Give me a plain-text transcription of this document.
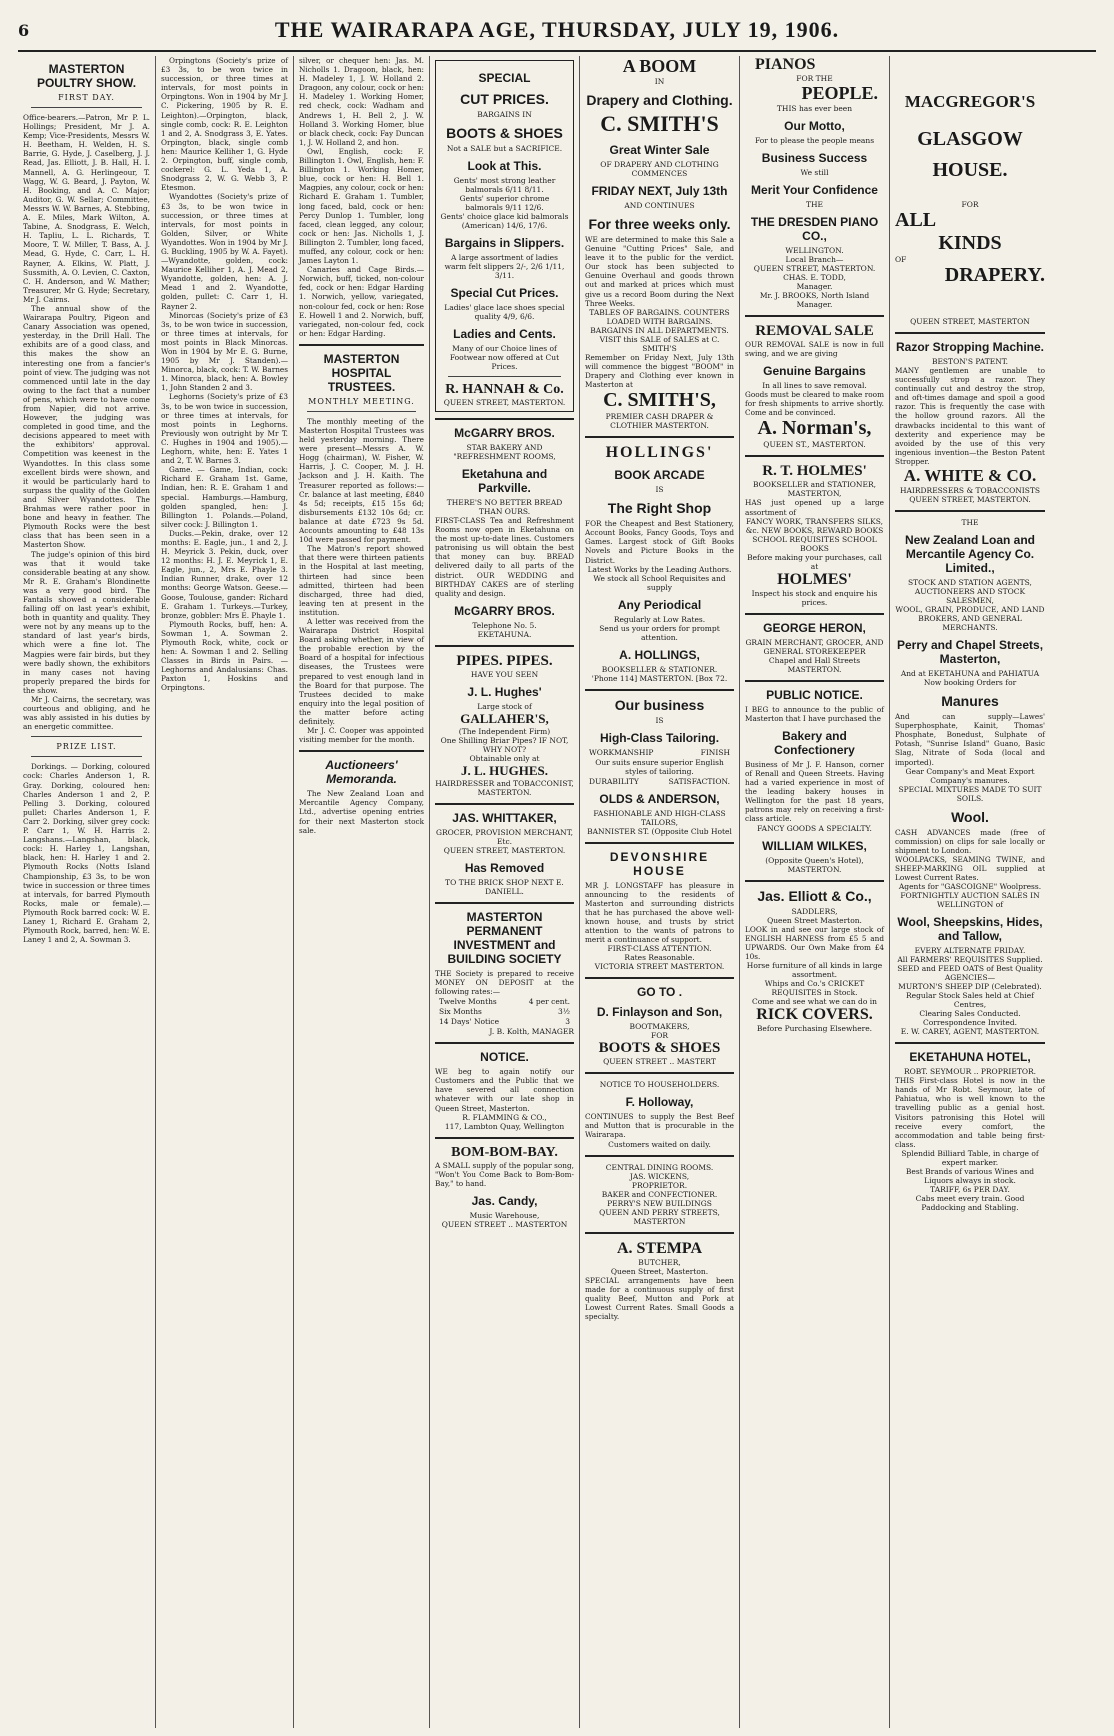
6	THE WAIRARAPA AGE, THURSDAY, JULY 19, 1906.
MASTERTON POULTRY SHOW.
FIRST DAY.

Office-bearers.—Patron, Mr P. L. Hollings; President, Mr J. A. Kemp; Vice-Presidents, Messrs W. H. Beetham, H. Welden, H. S. Barrie, G. Hyde, J. Caselberg, J. J. Read, Jas. Elliott, J. B. Hall, H. I. Mannell, A. G. Herlingeour, T. Wagg, W. G. Beard, J. Payton, W. H. Booking, and A. C. Major; Auditor, G. W. Sellar; Committee, Messrs W. W. Barnes, A. Stebbing, A. E. Miles, Mark Wilton, A. Tabine, A. Snodgrass, E. Welch, H. Tapliu, L. L. Richards, T. Moore, T. W. Miller, T. Bass, A. J. Mead, G. Hyde, C. Carr, L. H. Rayner, A. Elkins, W. Platt, J. Sussmith, A. O. Levien, C. Caxton, C. H. Anderson, and W. Mather; Treasurer, Mr G. Hyde; Secretary, Mr J. Cairns.

The annual show of the Wairarapa Poultry, Pigeon and Canary Association was opened, yesterday, in the Drill Hall. The exhibits are of a good class, and this makes the show an interesting one from a fancier's point of view. The judging was not commenced until late in the day owing to the fact that a number of pens, which were to have come from Napier, did not arrive. However, the judging was completed in good time, and the decisions appeared to meet with the exhibitors' approval. Competition was keenest in the Wyandottes. In this class some excellent birds were shown, and it would be particularly hard to surpass the quality of the Golden and Silver Wyandottes. The Brahmas were rather poor in bone and heavy in feather. The Plymouth Rocks were the best class that has been seen in a Masterton Show.

The judge's opinion of this bird was that it would take considerable beating at any show. Mr R. E. Graham's Blondinette was a very good bird. The Fantails showed a considerable falling off on last year's exhibit, both in quantity and quality. They were not by any means up to the standard of last year's birds, which were a fine lot. The Magpies were fair birds, but they were badly shown, the exhibitors in many cases not having properly prepared the birds for the show.

Mr J. Cairns, the secretary, was courteous and obliging, and he was ably assisted in his duties by an energetic committee.

PRIZE LIST.

Dorkings. — Dorking, coloured cock: Charles Anderson 1, R. Gray. Dorking, coloured hen: Charles Anderson 1 and 2, P. Pelling 3. Dorking, coloured pullet: Charles Anderson 1, F. Carr 2. Dorking, silver grey cock: P. Carr 1, W. H. Harris 2. Langshans.—Langshan, black, cock: H. Harley 1, Langshan, black, hen: H. Harley 1 and 2. Plymouth Rocks (Notts Island Championship, £3 3s, to be won twice in succession or three times at intervals, for barred Plymouth Rocks, male or female).—Plymouth Rock barred cock: W. E. Laney 1, Richard E. Graham 2, Plymouth Rock, barred, hen: W. E. Laney 1 and 2, A. Sowman 3.

Orpingtons (Society's prize of £3 3s, to be won twice in succession, or three times at intervals, for most points in Orpingtons. Won in 1904 by Mr J. C. Pickering, 1905 by R. E. Leighton).—Orpington, black, single comb, cock: R. E. Leighton 1 and 2, A. Snodgrass 3, E. Yates. Orpington, black, single comb hen: Maurice Kelliher 1, G. Hyde 2. Orpington, buff, single comb, cockerel: G. L. Yeda 1, A. Snodgrass 2, W. G. Webb 3, P. Etesmon.

Wyandottes (Society's prize of £3 3s, to be won twice in succession, or three times at intervals, for most points in Golden, Silver, or White Wyandottes. Won in 1904 by Mr J. G. Buckling, 1905 by W. A. Fayet).—Wyandotte, golden, cock: Maurice Kelliher 1, A. J. Mead 2, Wyandotte, golden, hen: A. J. Mead 1 and 2. Wyandotte, golden, pullet: C. Carr 1, H. Rayner 2.

Minorcas (Society's prize of £3 3s, to be won twice in succession, or three times at intervals, for most points in Black Minorcas. Won in 1904 by Mr E. G. Burne, 1905 by Mr J. Standen).—Minorca, black, cock: T. W. Barnes 1. Minorca, black, hen: A. Bowley 1, John Standen 2 and 3.

Leghorns (Society's prize of £3 3s, to be won twice in succession, or three times at intervals, for most points in Leghorns. Previously won outright by Mr T. C. Hughes in 1904 and 1905).—Leghorn, white, hen: E. Yates 1 and 2, T. W. Barnes 3.

Game. — Game, Indian, cock: Richard E. Graham 1st. Game, Indian, hen: R. E. Graham 1 and special. Hamburgs.—Hamburg, golden spangled, hen: J. Billington 1. Polands.—Poland, silver cock: J. Billington 1.

Ducks.—Pekin, drake, over 12 months: E. Eagle, jun., 1 and 2, J. H. Meyrick 3. Pekin, duck, over 12 months: H. J. E. Meyrick 1, E. Eagle, jun., 2, Mrs E. Phayle 3. Indian Runner, drake, over 12 months: George Watson. Geese.—Goose, Toulouse, gander: Richard E. Graham 1. Turkeys.—Turkey, bronze, gobbler: Mrs E. Phayle 1.

Plymouth Rocks, buff, hen: A. Sowman 1, A. Sowman 2. Plymouth Rock, white, cock or hen: A. Sowman 1 and 2. Selling Classes in Birds in Pairs. —Leghorns and Andalusians: Chas. Paxton 1, Hoskins and Orpingtons.

silver, or chequer hen: Jas. M. Nicholls 1. Dragoon, black, hen: H. Madeley 1, J. W. Holland 2. Dragoon, any colour, cock or hen: H. Madeley 1. Working Homer, red check, cock: Wadham and Andrews 1, H. Bell 2, J. W. Holland 3. Working Homer, blue or black check, cock: Fay Duncan 1, J. W. Holland 2, and hon.

Owl, English, cock: F. Billington 1. Owl, English, hen: F. Billington 1. Working Homer, blue, cock or hen: H. Bell 1. Magpies, any colour, cock or hen: Richard E. Graham 1. Tumbler, long faced, bald, cock or hen: Percy Dunlop 1. Tumbler, long faced, clean legged, any colour, cock or hen: Jas. Nicholls 1, J. Billington 2. Tumbler, long faced, muffed, any colour, cock or hen: James Layton 1.

Canaries and Cage Birds.—Norwich, buff, ticked, non-colour fed, cock or hen: Edgar Harding 1. Norwich, yellow, variegated, non-colour fed, cock or hen: Rose E. Howell 1 and 2. Norwich, buff, variegated, non-colour fed, cock or hen: Edgar Harding.

MASTERTON HOSPITAL TRUSTEES.
MONTHLY MEETING.

The monthly meeting of the Masterton Hospital Trustees was held yesterday morning. There were present—Messrs A. W. Hogg (chairman), W. Fisher, W. Harris, J. C. Cooper, M. J. H. Jackson and J. H. Kaith. The Treasurer reported as follows:—Cr. balance at last meeting, £840 4s 5d; receipts, £15 15s 6d; disbursements £132 10s 6d; cr. balance at date £723 9s 5d. Accounts amounting to £48 13s 10d were passed for payment.

The Matron's report showed that there were thirteen patients in the Hospital at last meeting, thirteen had since been admitted, thirteen had been discharged, three had died, leaving ten at present in the institution.

A letter was received from the Wairarapa District Hospital Board asking whether, in view of the probable erection by the Board of a hospital for infectious diseases, the Trustees were prepared to vest enough land in the Board for that purpose. The Trustees decided to make enquiry into the legal position of the matter before acting definitely.

Mr J. C. Cooper was appointed visiting member for the month.

Auctioneers' Memoranda.

The New Zealand Loan and Mercantile Agency Company, Ltd., advertise opening entries for their next Masterton stock sale.

SPECIAL
CUT PRICES.
BARGAINS IN
BOOTS & SHOES
Not a SALE but a SACRIFICE.
Look at This.
Gents' most strong leather balmorals 6/11 8/11.
Gents' superior chrome balmorals 9/11 12/6.
Gents' choice glace kid balmorals (American) 14/6, 17/6.
Bargains in Slippers.
A large assortment of ladies warm felt slippers 2/-, 2/6 1/11, 3/11.
Special Cut Prices.
Ladies' glace lace shoes special quality 4/9, 6/6.
Ladies and Cents.
Many of our Choice lines of Footwear now offered at Cut Prices.
R. HANNAH & Co.
QUEEN STREET, MASTERTON.
McGARRY BROS.
STAR BAKERY AND "REFRESHMENT ROOMS,
Eketahuna and Parkville.
THERE'S NO BETTER BREAD THAN OURS.

FIRST-CLASS Tea and Refreshment Rooms now open in Eketahuna on the most up-to-date lines. Customers patronising us will obtain the best that money can buy. BREAD delivered daily to all parts of the district. OUR WEDDING and BIRTHDAY CAKES are of sterling quality and design.

McGARRY BROS.
Telephone No. 5.
EKETAHUNA.
PIPES. PIPES.
HAVE YOU SEEN
J. L. Hughes'
Large stock of
GALLAHER'S,
(The Independent Firm)
One Shilling Briar Pipes? IF NOT, WHY NOT?
Obtainable only at
J. L. HUGHES.
HAIRDRESSER and TOBACCONIST, MASTERTON.
JAS. WHITTAKER,
GROCER, PROVISION MERCHANT, Etc.
QUEEN STREET, MASTERTON.
Has Removed
TO THE BRICK SHOP NEXT E. DANIELL.
MASTERTON PERMANENT INVESTMENT and BUILDING SOCIETY

THE Society is prepared to receive MONEY ON DEPOSIT at the following rates:—

Twelve Months	4 per cent.
Six Months	3½
14 Days' Notice	3
J. B. Kolth, MANAGER
NOTICE.

WE beg to again notify our Customers and the Public that we have severed all connection whatever with our late shop in Queen Street, Masterton.

R. FLAMMING & CO.,
117, Lambton Quay, Wellington
BOM-BOM-BAY.

A SMALL supply of the popular song, "Won't You Come Back to Bom-Bom-Bay," to hand.

Jas. Candy,
Music Warehouse,
QUEEN STREET .. MASTERTON
A BOOM
IN
Drapery and Clothing.
C. SMITH'S
Great Winter Sale
OF DRAPERY AND CLOTHING
COMMENCES
FRIDAY NEXT, July 13th
AND CONTINUES
For three weeks only.

WE are determined to make this Sale a Genuine "Cutting Prices" Sale, and leave it to the public for the verdict. Our stock has been subjected to Genuine Overhaul and goods thrown out and marked at prices which must give us a record Boom during the Next Three Weeks.

TABLES OF BARGAINS. COUNTERS LOADED WITH BARGAINS. BARGAINS IN ALL DEPARTMENTS.
VISIT this SALE of SALES at C. SMITH'S

Remember on Friday Next, July 13th will commence the biggest "BOOM" in Drapery and Clothing ever known in Masterton at

C. SMITH'S,
PREMIER CASH DRAPER & CLOTHIER MASTERTON.
HOLLINGS'
BOOK ARCADE
IS
The Right Shop

FOR the Cheapest and Best Stationery, Account Books, Fancy Goods, Toys and Games. Largest stock of Gift Books Novels and Picture Books in the District.

Latest Works by the Leading Authors.
We stock all School Requisites and supply
Any Periodical
Regularly at Low Rates.
Send us your orders for prompt attention.
A. HOLLINGS,
BOOKSELLER & STATIONER.
'Phone 114] MASTERTON. [Box 72.
Our business
IS
High-Class Tailoring.
WORKMANSHIP	FINISH
Our suits ensure superior English styles of tailoring.
DURABILITY	SATISFACTION.
OLDS & ANDERSON,
FASHIONABLE AND HIGH-CLASS TAILORS,
BANNISTER ST. (Opposite Club Hotel
DEVONSHIRE HOUSE

MR J. LONGSTAFF has pleasure in announcing to the residents of Masterton and surrounding districts that he has purchased the above well-known house, and trusts by strict attention to the wants of patrons to merit a continuance of support.

FIRST-CLASS ATTENTION.
Rates Reasonable.
VICTORIA STREET MASTERTON.
GO TO .
D. Finlayson and Son,
BOOTMAKERS,
FOR
BOOTS & SHOES
QUEEN STREET .. MASTERT
NOTICE TO HOUSEHOLDERS.
F. Holloway,

CONTINUES to supply the Best Beef and Mutton that is procurable in the Wairarapa.

Customers waited on daily.
CENTRAL DINING ROOMS.
JAS. WICKENS,
PROPRIETOR.
BAKER and CONFECTIONER.
PERRY'S NEW BUILDINGS
QUEEN AND PERRY STREETS,
MASTERTON
A. STEMPA
BUTCHER,
Queen Street, Masterton.

SPECIAL arrangements have been made for a continuous supply of first quality Beef, Mutton and Pork at Lowest Current Rates. Small Goods a specialty.

PIANOS
FOR THE
PEOPLE.
THIS has ever been
Our Motto,
For to please the people means
Business Success
We still
Merit Your Confidence
THE
THE DRESDEN PIANO CO.,
WELLINGTON.
Local Branch—
QUEEN STREET, MASTERTON.
CHAS. E. TODD,
Manager.
Mr. J. BROOKS, North Island Manager.
REMOVAL SALE

OUR REMOVAL SALE is now in full swing, and we are giving

Genuine Bargains
In all lines to save removal.

Goods must be cleared to make room for fresh shipments to arrive shortly. Come and be convinced.

A. Norman's,
QUEEN ST., MASTERTON.
R. T. HOLMES'
BOOKSELLER and STATIONER, MASTERTON,

HAS just opened up a large assortment of

FANCY WORK, TRANSFERS SILKS, &c. NEW BOOKS, REWARD BOOKS SCHOOL REQUISITES SCHOOL BOOKS
Before making your purchases, call at
HOLMES'
Inspect his stock and enquire his prices.
GEORGE HERON,
GRAIN MERCHANT, GROCER, AND
GENERAL STOREKEEPER
Chapel and Hall Streets
MASTERTON.
PUBLIC NOTICE.

I BEG to announce to the public of Masterton that I have purchased the

Bakery and Confectionery

Business of Mr J. F. Hanson, corner of Renall and Queen Streets. Having had a varied experience in most of the leading bakery houses in Wellington for the past 18 years, patrons may rely on receiving a first-class article.

FANCY GOODS A SPECIALTY.
WILLIAM WILKES,
(Opposite Queen's Hotel), MASTERTON.
Jas. Elliott & Co.,
SADDLERS,
Queen Street Masterton.

LOOK in and see our large stock of ENGLISH HARNESS from £5 5 and UPWARDS. Our Own Make from £4 10s.

Horse furniture of all kinds in large assortment.
Whips and Co.'s CRICKET REQUISITES in Stock.
Come and see what we can do in
RICK COVERS.
Before Purchasing Elsewhere.
MACGREGOR'S
GLASGOW
HOUSE.
FOR
ALL
KINDS
OF
DRAPERY.
QUEEN STREET, MASTERTON
Razor Stropping Machine.
BESTON'S PATENT.

MANY gentlemen are unable to successfully strop a razor. They continually cut and destroy the strop, and oft-times damage and spoil a good razor. This is frequently the case with the hollow ground razors. All the drawbacks incidental to this want of dexterity and experience may be avoided by the use of this very ingenious invention—the Beston Patent Stropper.

A. WHITE & CO.
HAIRDRESSERS & TOBACCONISTS QUEEN STREET, MASTERTON.
THE
New Zealand Loan and Mercantile Agency Co. Limited.,
STOCK AND STATION AGENTS, AUCTIONEERS AND STOCK SALESMEN,
WOOL, GRAIN, PRODUCE, AND LAND BROKERS, AND GENERAL MERCHANTS.
Perry and Chapel Streets, Masterton,
And at EKETAHUNA and PAHIATUA
Now booking Orders for
Manures

And can supply—Lawes' Superphosphate, Kainit, Thomas' Phosphate, Bonedust, Sulphate of Potash, "Sunrise Island" Guano, Basic Slag, Nitrate of Soda (local and imported).

Gear Company's and Meat Export Company's manures.
SPECIAL MIXTURES MADE TO SUIT SOILS.
Wool.

CASH ADVANCES made (free of commission) on clips for sale locally or shipment to London.

WOOLPACKS, SEAMING TWINE, and SHEEP-MARKING OIL supplied at Lowest Current Rates.

Agents for "GASCOIGNE" Woolpress.
FORTNIGHTLY AUCTION SALES IN WELLINGTON of
Wool, Sheepskins, Hides, and Tallow,
EVERY ALTERNATE FRIDAY.
All FARMERS' REQUISITES Supplied.
SEED and FEED OATS of Best Quality
AGENCIES—
MURTON'S SHEEP DIP (Celebrated).
Regular Stock Sales held at Chief Centres,
Clearing Sales Conducted.
Correspondence Invited.
E. W. CAREY, AGENT, MASTERTON.
EKETAHUNA HOTEL,
ROBT. SEYMOUR .. PROPRIETOR.

THIS First-class Hotel is now in the hands of Mr Robt. Seymour, late of Pahiatua, who is well known to the travelling public as a genial host. Visitors patronising this Hotel will receive every comfort, the accommodation and table being first-class.

Splendid Billiard Table, in charge of expert marker.
Best Brands of various Wines and Liquors always in stock.
TARIFF, 6s PER DAY.
Cabs meet every train. Good Paddocking and Stabling.
